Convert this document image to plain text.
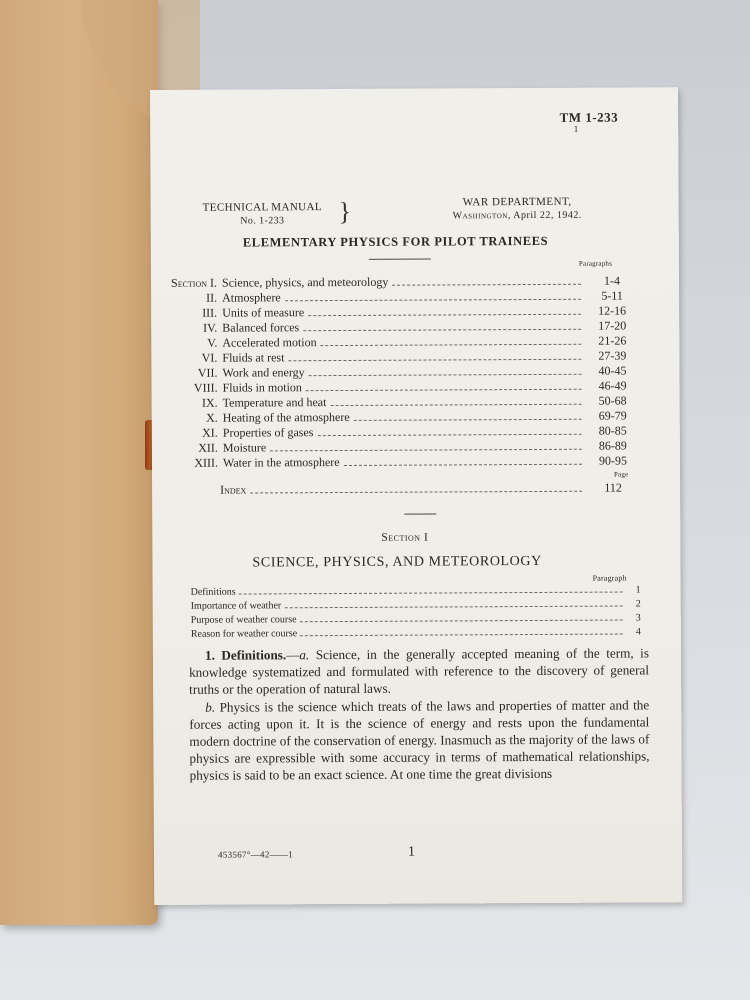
TM 1-233
1
TECHNICAL MANUAL
No. 1-233	}	WAR DEPARTMENT,
Washington, April 22, 1942.
ELEMENTARY PHYSICS FOR PILOT TRAINEES
Paragraphs
Section I. Science, physics, and meteorology	1-4
II. Atmosphere	5-11
III. Units of measure	12-16
IV. Balanced forces	17-20
V. Accelerated motion	21-26
VI. Fluids at rest	27-39
VII. Work and energy	40-45
VIII. Fluids in motion	46-49
IX. Temperature and heat	50-68
X. Heating of the atmosphere	69-79
XI. Properties of gases	80-85
XII. Moisture	86-89
XIII. Water in the atmosphere	90-95
Page
Index	112
Section I
SCIENCE, PHYSICS, AND METEOROLOGY
Paragraph
Definitions	1
Importance of weather	2
Purpose of weather course	3
Reason for weather course	4

1. Definitions.—a. Science, in the generally accepted meaning of the term, is knowledge systematized and formulated with reference to the discovery of general truths or the operation of natural laws.

b. Physics is the science which treats of the laws and properties of matter and the forces acting upon it. It is the science of energy and rests upon the fundamental modern doctrine of the conservation of energy. Inasmuch as the majority of the laws of physics are expressible with some accuracy in terms of mathematical relationships, physics is said to be an exact science. At one time the great divisions

453567°—42——1	1
